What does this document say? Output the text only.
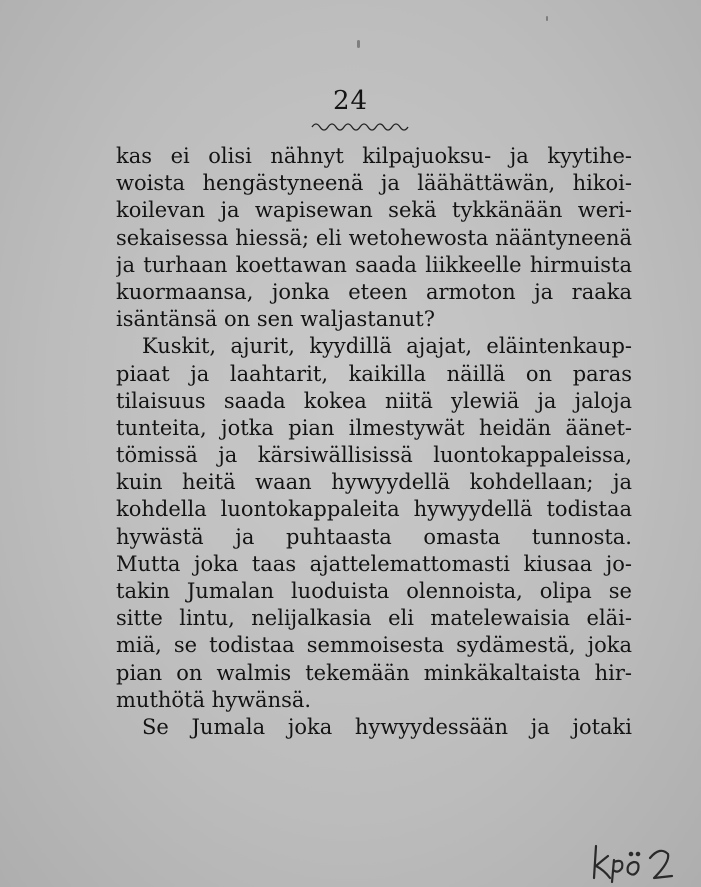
24
kas ei olisi nähnyt kilpajuoksu- ja kyytihe-
woista hengästyneenä ja läähättäwän, hikoi-
koilevan ja wapisewan sekä tykkänään weri-
sekaisessa hiessä; eli wetohewosta nääntyneenä
ja turhaan koettawan saada liikkeelle hirmuista
kuormaansa, jonka eteen armoton ja raaka
isäntänsä on sen waljastanut?
Kuskit, ajurit, kyydillä ajajat, eläintenkaup-
piaat ja laahtarit, kaikilla näillä on paras
tilaisuus saada kokea niitä ylewiä ja jaloja
tunteita, jotka pian ilmestywät heidän äänet-
tömissä ja kärsiwällisissä luontokappaleissa,
kuin heitä waan hywyydellä kohdellaan; ja
kohdella luontokappaleita hywyydellä todistaa
hywästä ja puhtaasta omasta tunnosta.
Mutta joka taas ajattelemattomasti kiusaa jo-
takin Jumalan luoduista olennoista, olipa se
sitte lintu, nelijalkasia eli matelewaisia eläi-
miä, se todistaa semmoisesta sydämestä, joka
pian on walmis tekemään minkäkaltaista hir-
muthötä hywänsä.
Se Jumala joka hywyydessään ja jotaki
